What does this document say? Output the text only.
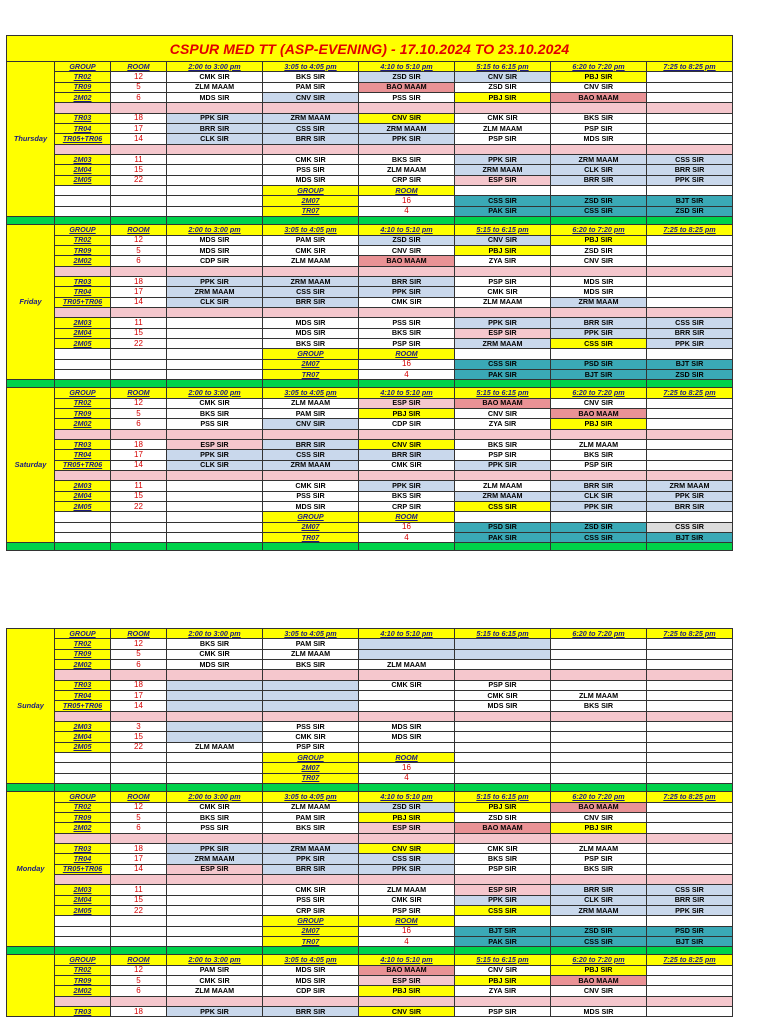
CSPUR MED TT (ASP-EVENING) - 17.10.2024 TO 23.10.2024								
Thursday	GROUP	ROOM	2:00 to 3:00 pm	3:05 to 4:05 pm	4:10 to 5:10 pm	5:15 to 6:15 pm	6:20 to 7:20 pm	7:25 to 8:25 pm
	TR02	12	CMK SIR	BKS SIR	ZSD SIR	CNV SIR	PBJ SIR	
	TR09	5	ZLM MAAM	PAM SIR	BAO MAAM	ZSD SIR	CNV SIR	
	2M02	6	MDS SIR	CNV SIR	PSS SIR	PBJ SIR	BAO MAAM	

	TR03	18	PPK SIR	ZRM MAAM	CNV SIR	CMK SIR	BKS SIR	
	TR04	17	BRR SIR	CSS SIR	ZRM MAAM	ZLM MAAM	PSP SIR	
	TR05+TR06	14	CLK SIR	BRR SIR	PPK SIR	PSP SIR	MDS SIR	

	2M03	11		CMK SIR	BKS SIR	PPK SIR	ZRM MAAM	CSS SIR
	2M04	15		PSS SIR	ZLM MAAM	ZRM MAAM	CLK SIR	BRR SIR
	2M05	22		MDS SIR	CRP SIR	ESP SIR	BRR SIR	PPK SIR
				GROUP	ROOM			
				2M07	16	CSS SIR	ZSD SIR	BJT SIR
				TR07	4	PAK SIR	CSS SIR	ZSD SIR

Friday	GROUP	ROOM	2:00 to 3:00 pm	3:05 to 4:05 pm	4:10 to 5:10 pm	5:15 to 6:15 pm	6:20 to 7:20 pm	7:25 to 8:25 pm
	TR02	12	MDS SIR	PAM SIR	ZSD SIR	CNV SIR	PBJ SIR	
	TR09	5	MDS SIR	CMK SIR	CNV SIR	PBJ SIR	ZSD SIR	
	2M02	6	CDP SIR	ZLM MAAM	BAO MAAM	ZYA SIR	CNV SIR	

	TR03	18	PPK SIR	ZRM MAAM	BRR SIR	PSP SIR	MDS SIR	
	TR04	17	ZRM MAAM	CSS SIR	PPK SIR	CMK SIR	MDS SIR	
	TR05+TR06	14	CLK SIR	BRR SIR	CMK SIR	ZLM MAAM	ZRM MAAM	

	2M03	11		MDS SIR	PSS SIR	PPK SIR	BRR SIR	CSS SIR
	2M04	15		MDS SIR	BKS SIR	ESP SIR	PPK SIR	BRR SIR
	2M05	22		BKS SIR	PSP SIR	ZRM MAAM	CSS SIR	PPK SIR
				GROUP	ROOM			
				2M07	16	CSS SIR	PSD SIR	BJT SIR
				TR07	4	PAK SIR	BJT SIR	ZSD SIR

Saturday	GROUP	ROOM	2:00 to 3:00 pm	3:05 to 4:05 pm	4:10 to 5:10 pm	5:15 to 6:15 pm	6:20 to 7:20 pm	7:25 to 8:25 pm
	TR02	12	CMK SIR	ZLM MAAM	ESP SIR	BAO MAAM	CNV SIR	
	TR09	5	BKS SIR	PAM SIR	PBJ SIR	CNV SIR	BAO MAAM	
	2M02	6	PSS SIR	CNV SIR	CDP SIR	ZYA SIR	PBJ SIR	

	TR03	18	ESP SIR	BRR SIR	CNV SIR	BKS SIR	ZLM MAAM	
	TR04	17	PPK SIR	CSS SIR	BRR SIR	PSP SIR	BKS SIR	
	TR05+TR06	14	CLK SIR	ZRM MAAM	CMK SIR	PPK SIR	PSP SIR	

	2M03	11		CMK SIR	PPK SIR	ZLM MAAM	BRR SIR	ZRM MAAM
	2M04	15		PSS SIR	BKS SIR	ZRM MAAM	CLK SIR	PPK SIR
	2M05	22		MDS SIR	CRP SIR	CSS SIR	PPK SIR	BRR SIR
				GROUP	ROOM			
				2M07	16	PSD SIR	ZSD SIR	CSS SIR
				TR07	4	PAK SIR	CSS SIR	BJT SIR

Sunday	GROUP	ROOM	2:00 to 3:00 pm	3:05 to 4:05 pm	4:10 to 5:10 pm	5:15 to 6:15 pm	6:20 to 7:20 pm	7:25 to 8:25 pm
	TR02	12	BKS SIR	PAM SIR				
	TR09	5	CMK SIR	ZLM MAAM				
	2M02	6	MDS SIR	BKS SIR	ZLM MAAM			

	TR03	18			CMK SIR	PSP SIR		
	TR04	17				CMK SIR	ZLM MAAM	
	TR05+TR06	14				MDS SIR	BKS SIR	

	2M03	3		PSS SIR	MDS SIR			
	2M04	15		CMK SIR	MDS SIR			
	2M05	22	ZLM MAAM	PSP SIR				
				GROUP	ROOM			
				2M07	16			
				TR07	4			

Monday	GROUP	ROOM	2:00 to 3:00 pm	3:05 to 4:05 pm	4:10 to 5:10 pm	5:15 to 6:15 pm	6:20 to 7:20 pm	7:25 to 8:25 pm
	TR02	12	CMK SIR	ZLM MAAM	ZSD SIR	PBJ SIR	BAO MAAM	
	TR09	5	BKS SIR	PAM SIR	PBJ SIR	ZSD SIR	CNV SIR	
	2M02	6	PSS SIR	BKS SIR	ESP SIR	BAO MAAM	PBJ SIR	

	TR03	18	PPK SIR	ZRM MAAM	CNV SIR	CMK SIR	ZLM MAAM	
	TR04	17	ZRM MAAM	PPK SIR	CSS SIR	BKS SIR	PSP SIR	
	TR05+TR06	14	ESP SIR	BRR SIR	PPK SIR	PSP SIR	BKS SIR	

	2M03	11		CMK SIR	ZLM MAAM	ESP SIR	BRR SIR	CSS SIR
	2M04	15		PSS SIR	CMK SIR	PPK SIR	CLK SIR	BRR SIR
	2M05	22		CRP SIR	PSP SIR	CSS SIR	ZRM MAAM	PPK SIR
				GROUP	ROOM			
				2M07	16	BJT SIR	ZSD SIR	PSD SIR
				TR07	4	PAK SIR	CSS SIR	BJT SIR

	GROUP	ROOM	2:00 to 3:00 pm	3:05 to 4:05 pm	4:10 to 5:10 pm	5:15 to 6:15 pm	6:20 to 7:20 pm	7:25 to 8:25 pm
	TR02	12	PAM SIR	MDS SIR	BAO MAAM	CNV SIR	PBJ SIR	
	TR09	5	CMK SIR	MDS SIR	ESP SIR	PBJ SIR	BAO MAAM	
	2M02	6	ZLM MAAM	CDP SIR	PBJ SIR	ZYA SIR	CNV SIR	

	TR03	18	PPK SIR	BRR SIR	CNV SIR	PSP SIR	MDS SIR	
